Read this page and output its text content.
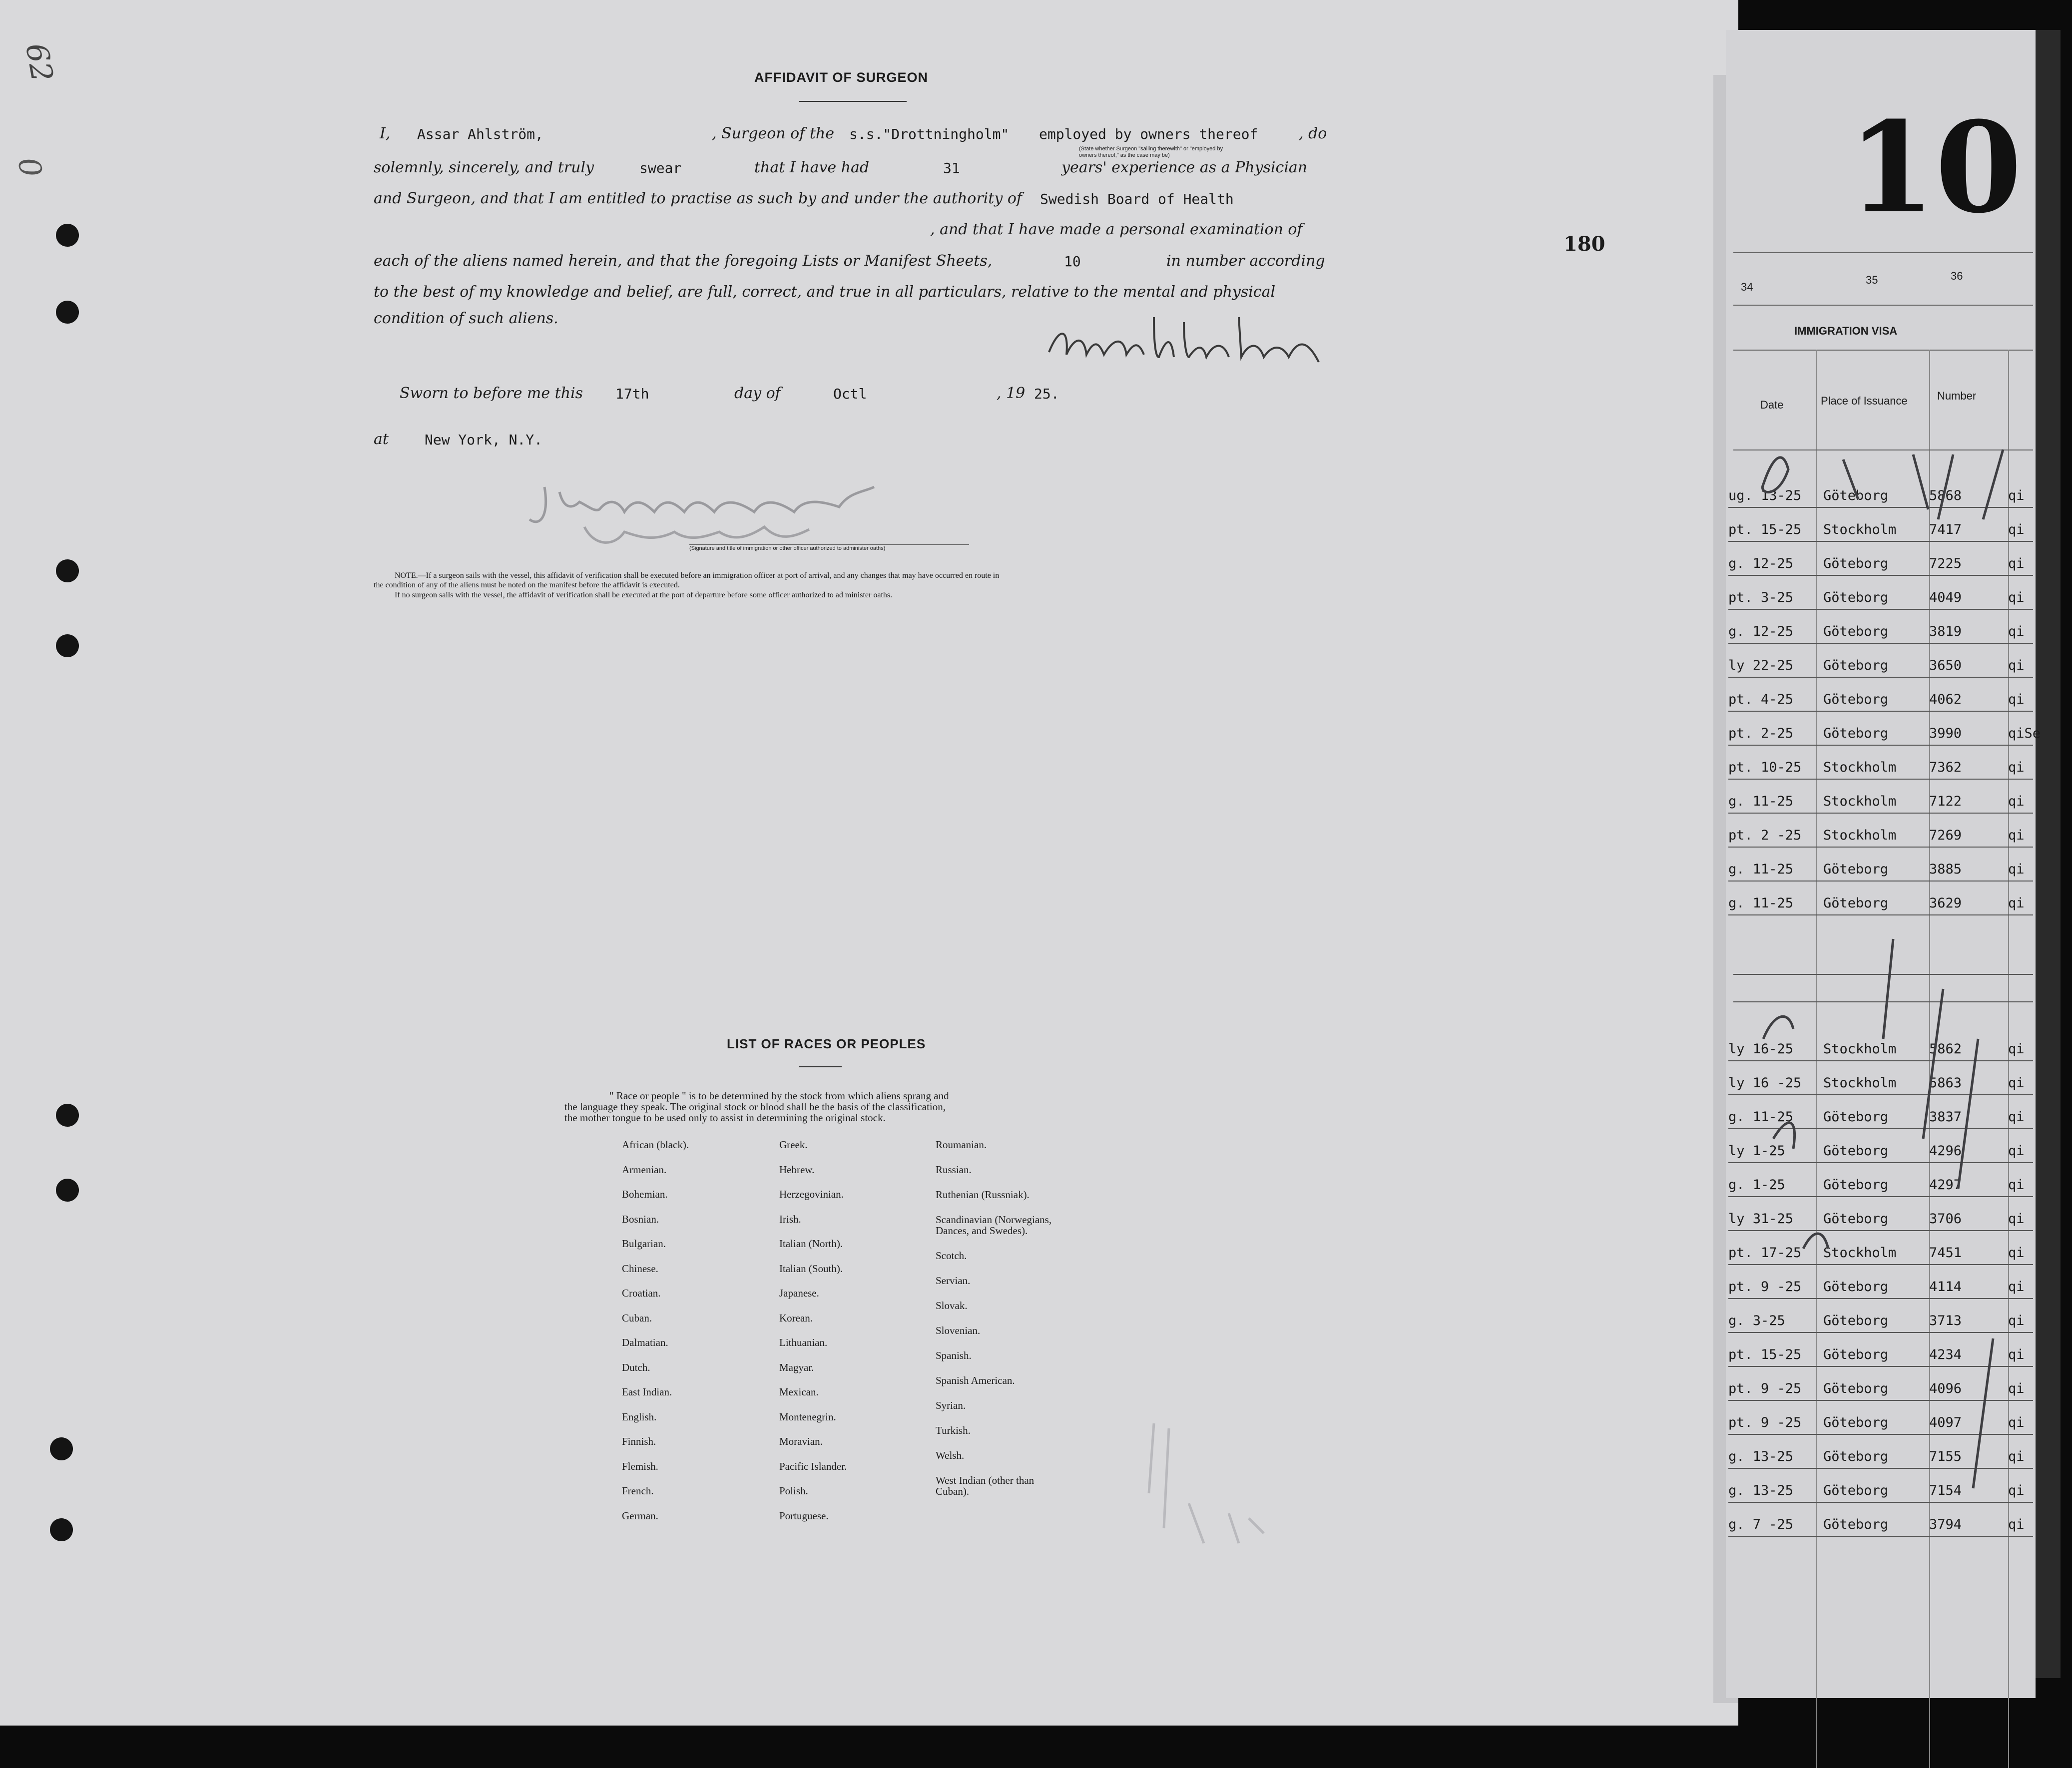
62
0
AFFIDAVIT OF SURGEON
I, Assar Ahlström,	, Surgeon of the s.s."Drottningholm" employed by owners thereof	, do
(State whether Surgeon "sailing therewith" or "employed by
owners thereof," as the case may be)
solemnly, sincerely, and truly	swear	that I have had	31	years' experience as a Physician
and Surgeon, and that I am entitled to practise as such by and under the authority of Swedish Board of Health
, and that I have made a personal examination of
each of the aliens named herein, and that the foregoing Lists or Manifest Sheets,	10	in number according
to the best of my knowledge and belief, are full, correct, and true in all particulars, relative to the mental and physical
condition of such aliens.
Sworn to before me this 17th	day of	Octl	, 19 25.
at	New York, N.Y.
(Signature and title of immigration or other officer authorized to administer oaths)
NOTE.—If a surgeon sails with the vessel, this affidavit of verification shall be executed before an immigration officer at port of arrival, and any changes that may have occurred en route in
the condition of any of the aliens must be noted on the manifest before the affidavit is executed.
If no surgeon sails with the vessel, the affidavit of verification shall be executed at the port of departure before some officer authorized to ad minister oaths.
180
LIST OF RACES OR PEOPLES
" Race or people " is to be determined by the stock from which aliens sprang and
the language they speak. The original stock or blood shall be the basis of the classification,
the mother tongue to be used only to assist in determining the original stock.
African (black).
Armenian.
Bohemian.
Bosnian.
Bulgarian.
Chinese.
Croatian.
Cuban.
Dalmatian.
Dutch.
East Indian.
English.
Finnish.
Flemish.
French.
German.
Greek.
Hebrew.
Herzegovinian.
Irish.
Italian (North).
Italian (South).
Japanese.
Korean.
Lithuanian.
Magyar.
Mexican.
Montenegrin.
Moravian.
Pacific Islander.
Polish.
Portuguese.
Roumanian.
Russian.
Ruthenian (Russniak).
Scandinavian (Norwegians,
Dances, and Swedes).
Scotch.
Servian.
Slovak.
Slovenian.
Spanish.
Spanish American.
Syrian.
Turkish.
Welsh.
West Indian (other than
Cuban).
10
34
35	36
IMMIGRATION VISA
Date	Place of Issuance	Number
ug. 13-25 Göteborg	5868	qi
pt. 15-25 Stockholm 7417	qi
g. 12-25 Göteborg	7225	qi
pt. 3-25 Göteborg	4049	qi
g. 12-25 Göteborg	3819	qi
ly 22-25 Göteborg	3650	qi
pt. 4-25 Göteborg	4062	qi
pt. 2-25 Göteborg	3990	qiSe
pt. 10-25 Stockholm 7362	qi
g. 11-25 Stockholm 7122	qi
pt. 2 -25 Stockholm 7269	qi
g. 11-25 Göteborg	3885	qi
g. 11-25 Göteborg	3629	qi
ly 16-25 Stockholm 5862	qi
ly 16 -25 Stockholm 5863	qi
g. 11-25 Göteborg	3837	qi
ly 1-25	Göteborg	4296	qi
g. 1-25	Göteborg	4297	qi
ly 31-25 Göteborg	3706	qi
pt. 17-25 Stockholm 7451	qi
pt. 9 -25 Göteborg	4114	qi
g. 3-25	Göteborg	3713	qi
pt. 15-25 Göteborg	4234	qi
pt. 9 -25 Göteborg	4096	qi
pt. 9 -25 Göteborg	4097	qi
g. 13-25 Göteborg	7155	qi
g. 13-25 Göteborg	7154	qi
g. 7 -25 Göteborg	3794	qi
